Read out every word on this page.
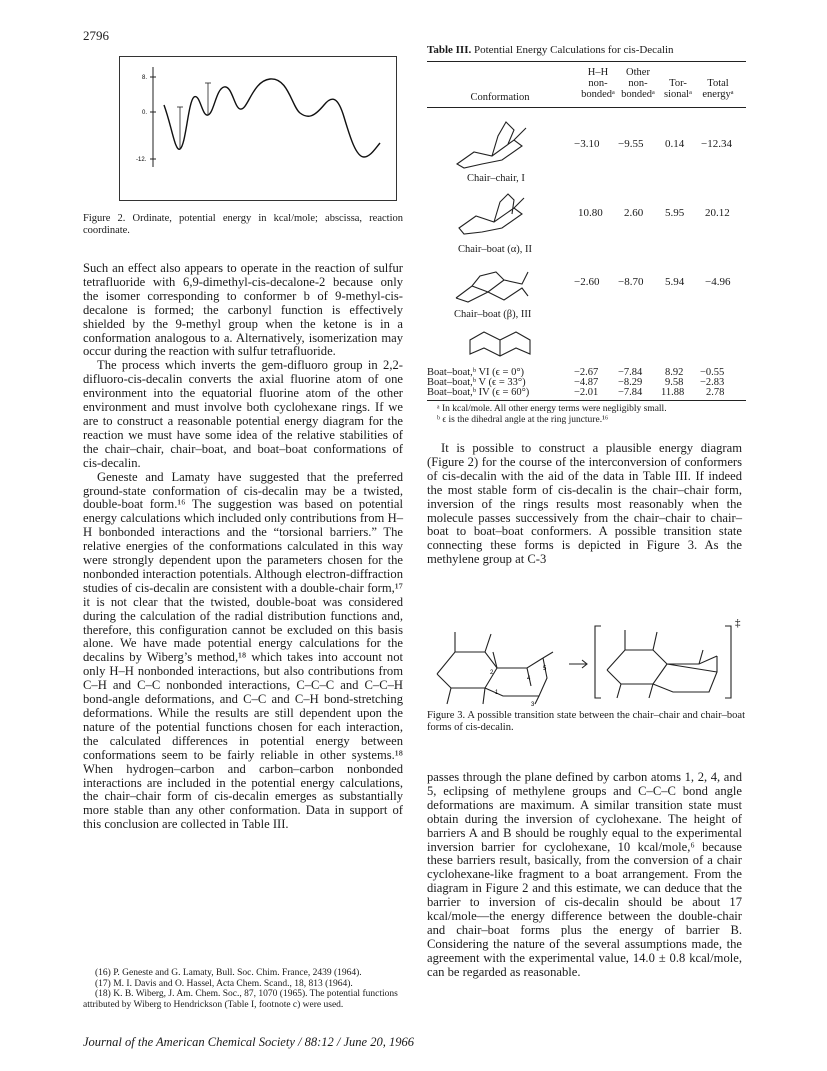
2796
8.
0.
-12.
Figure 2. Ordinate, potential energy in kcal/mole; abscissa, reaction coordinate.

Such an effect also appears to operate in the reaction of sulfur tetrafluoride with 6,9-dimethyl-cis-decalone-2 because only the isomer corresponding to conformer b of 9-methyl-cis-decalone is formed; the carbonyl function is effectively shielded by the 9-methyl group when the ketone is in a conformation analogous to a. Alternatively, isomerization may occur during the reaction with sulfur tetrafluoride.

The process which inverts the gem-difluoro group in 2,2-difluoro-cis-decalin converts the axial fluorine atom of one environment into the equatorial fluorine atom of the other environment and must involve both cyclohexane rings. If we are to construct a reasonable potential energy diagram for the reaction we must have some idea of the relative stabilities of the chair–chair, chair–boat, and boat–boat conformations of cis-decalin.

Geneste and Lamaty have suggested that the preferred ground-state conformation of cis-decalin may be a twisted, double-boat form.¹⁶ The suggestion was based on potential energy calculations which included only contributions from H–H bonbonded interactions and the “torsional barriers.” The relative energies of the conformations calculated in this way were strongly dependent upon the parameters chosen for the nonbonded interaction potentials. Although electron-diffraction studies of cis-decalin are consistent with a double-chair form,¹⁷ it is not clear that the twisted, double-boat was considered during the calculation of the radial distribution functions and, therefore, this configuration cannot be excluded on this basis alone. We have made potential energy calculations for the decalins by Wiberg’s method,¹⁸ which takes into account not only H–H nonbonded interactions, but also contributions from C–H and C–C nonbonded interactions, C–C–C and C–C–H bond-angle deformations, and C–C and C–H bond-stretching deformations. While the results are still dependent upon the nature of the potential functions chosen for each interaction, the calculated differences in potential energy between conformations seem to be fairly reliable in other systems.¹⁸ When hydrogen–carbon and carbon–carbon nonbonded interactions are included in the potential energy calculations, the chair–chair form of cis-decalin emerges as substantially more stable than any other conformation. Data in support of this conclusion are collected in Table III.

(16) P. Geneste and G. Lamaty, Bull. Soc. Chim. France, 2439 (1964).

(17) M. I. Davis and O. Hassel, Acta Chem. Scand., 18, 813 (1964).

(18) K. B. Wiberg, J. Am. Chem. Soc., 87, 1070 (1965). The potential functions attributed by Wiberg to Hendrickson (Table I, footnote c) were used.

Journal of the American Chemical Society / 88:12 / June 20, 1966
Table III. Potential Energy Calculations for cis-Decalin
H–H
non-
bondedᵃ
Other
non-
bondedᵃ
Tor-
sionalᵃ
Total
energyᵃ
Conformation
Chair–chair, I
−3.10 −9.55 0.14 −12.34
Chair–boat (α), II
10.80 2.60 5.95 20.12
Chair–boat (β), III
−2.60 −8.70 5.94 −4.96
Boat–boat,ᵇ VI (ϵ = 0°)
Boat–boat,ᵇ V (ϵ = 33°)
Boat–boat,ᵇ IV (ϵ = 60°)
−2.67 −7.84 8.92 −0.55
−4.87 −8.29 9.58 −2.83
−2.01 −7.84 11.88 2.78
ᵃ In kcal/mole. All other energy terms were negligibly small.
ᵇ ϵ is the dihedral angle at the ring juncture.¹⁶

It is possible to construct a plausible energy diagram (Figure 2) for the course of the interconversion of conformers of cis-decalin with the aid of the data in Table III. If indeed the most stable form of cis-decalin is the chair–chair form, inversion of the rings results most reasonably when the molecule passes successively from the chair–chair to chair–boat to boat–boat conformers. A possible transition state connecting these forms is depicted in Figure 3. As the methylene group at C-3

2
1
4
5
3
‡
Figure 3. A possible transition state between the chair–chair and chair–boat forms of cis-decalin.

passes through the plane defined by carbon atoms 1, 2, 4, and 5, eclipsing of methylene groups and C–C–C bond angle deformations are maximum. A similar transition state must obtain during the inversion of cyclohexane. The height of barriers A and B should be roughly equal to the experimental inversion barrier for cyclohexane, 10 kcal/mole,⁶ because these barriers result, basically, from the conversion of a chair cyclohexane-like fragment to a boat arrangement. From the diagram in Figure 2 and this estimate, we can deduce that the barrier to inversion of cis-decalin should be about 17 kcal/mole—the energy difference between the double-chair and chair–boat forms plus the energy of barrier B. Considering the nature of the several assumptions made, the agreement with the experimental value, 14.0 ± 0.8 kcal/mole, can be regarded as reasonable.
